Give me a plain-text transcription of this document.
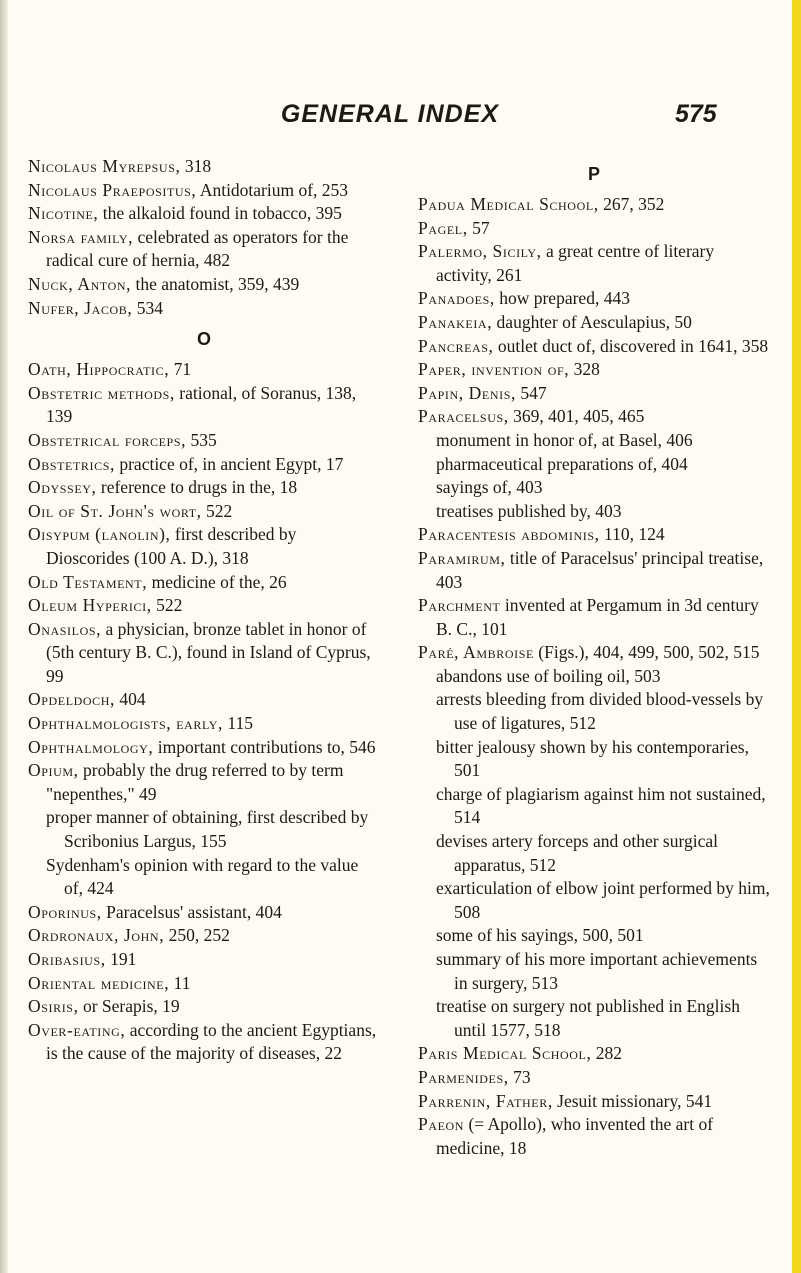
GENERAL INDEX	575

Nicolaus Myrepsus, 318

Nicolaus Praepositus, Antidotarium of, 253

Nicotine, the alkaloid found in tobacco, 395

Norsa family, celebrated as operators for the radical cure of hernia, 482

Nuck, Anton, the anatomist, 359, 439

Nufer, Jacob, 534

O

Oath, Hippocratic, 71

Obstetric methods, rational, of Soranus, 138, 139

Obstetrical forceps, 535

Obstetrics, practice of, in ancient Egypt, 17

Odyssey, reference to drugs in the, 18

Oil of St. John's wort, 522

Oisypum (lanolin), first described by Dioscorides (100 A. D.), 318

Old Testament, medicine of the, 26

Oleum Hyperici, 522

Onasilos, a physician, bronze tablet in honor of (5th century B. C.), found in Island of Cyprus, 99

Opdeldoch, 404

Ophthalmologists, early, 115

Ophthalmology, important contributions to, 546

Opium, probably the drug referred to by term "nepenthes," 49

proper manner of obtaining, first described by Scribonius Largus, 155

Sydenham's opinion with regard to the value of, 424

Oporinus, Paracelsus' assistant, 404

Ordronaux, John, 250, 252

Oribasius, 191

Oriental medicine, 11

Osiris, or Serapis, 19

Over-eating, according to the ancient Egyptians, is the cause of the majority of diseases, 22

P

Padua Medical School, 267, 352

Pagel, 57

Palermo, Sicily, a great centre of literary activity, 261

Panadoes, how prepared, 443

Panakeia, daughter of Aesculapius, 50

Pancreas, outlet duct of, discovered in 1641, 358

Paper, invention of, 328

Papin, Denis, 547

Paracelsus, 369, 401, 405, 465

monument in honor of, at Basel, 406

pharmaceutical preparations of, 404

sayings of, 403

treatises published by, 403

Paracentesis abdominis, 110, 124

Paramirum, title of Paracelsus' principal treatise, 403

Parchment invented at Pergamum in 3d century B. C., 101

Paré, Ambroise (Figs.), 404, 499, 500, 502, 515

abandons use of boiling oil, 503

arrests bleeding from divided blood-vessels by use of ligatures, 512

bitter jealousy shown by his contemporaries, 501

charge of plagiarism against him not sustained, 514

devises artery forceps and other surgical apparatus, 512

exarticulation of elbow joint performed by him, 508

some of his sayings, 500, 501

summary of his more important achievements in surgery, 513

treatise on surgery not published in English until 1577, 518

Paris Medical School, 282

Parmenides, 73

Parrenin, Father, Jesuit missionary, 541

Paeon (= Apollo), who invented the art of medicine, 18
